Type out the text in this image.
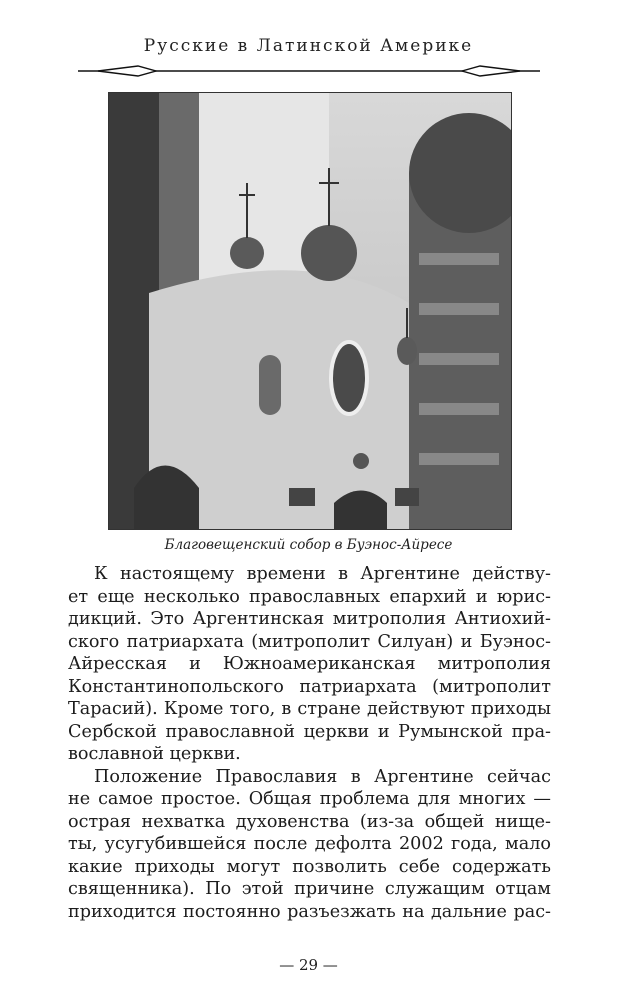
Русские в Латинской Америке
Благовещенский собор в Буэнос-Айресе
К настоящему времени в Аргентине действу-
ет еще несколько православных епархий и юрис-
дикций. Это Аргентинская митрополия Антиохий-
ского патриархата (митрополит Силуан) и Буэнос-
Айресская и Южноамериканская митрополия
Константинопольского патриархата (митрополит
Тарасий). Кроме того, в стране действуют приходы
Сербской православной церкви и Румынской пра-
вославной церкви.
Положение Православия в Аргентине сейчас
не самое простое. Общая проблема для многих —
острая нехватка духовенства (из-за общей нище-
ты, усугубившейся после дефолта 2002 года, мало
какие приходы могут позволить себе содержать
священника). По этой причине служащим отцам
приходится постоянно разъезжать на дальние рас-
— 29 —
